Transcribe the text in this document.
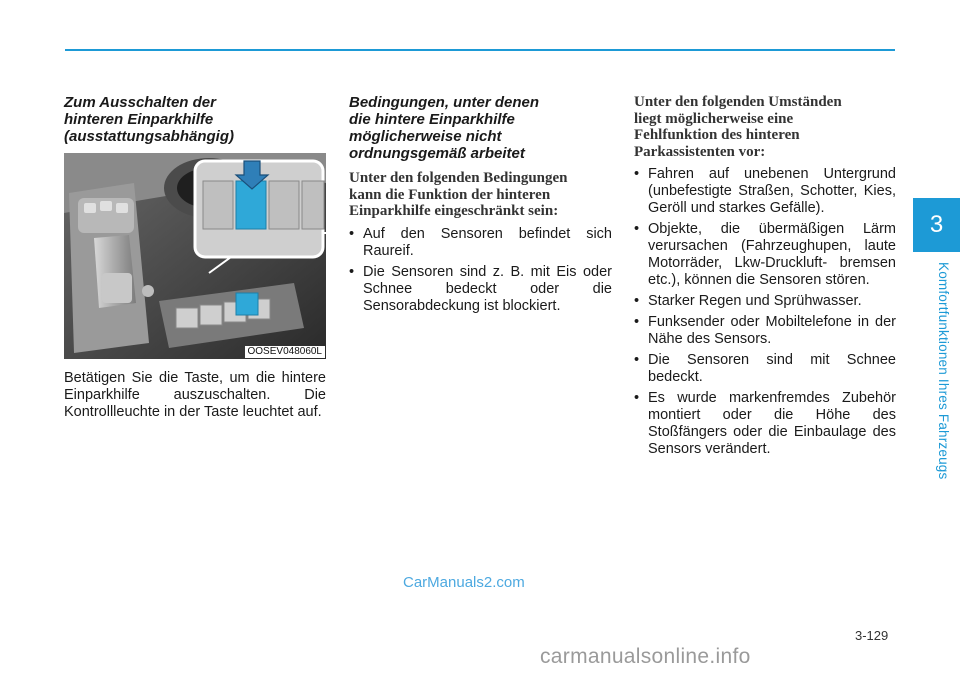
3
Komfortfunktionen Ihres Fahrzeugs
Zum Ausschalten der
hinteren Einparkhilfe
(ausstattungsabhängig)
OOSEV048060L

Betätigen Sie die Taste, um die hintere Einparkhilfe auszuschalten. Die Kontrollleuchte in der Taste leuchtet auf.

Bedingungen, unter denen
die hintere Einparkhilfe
möglicherweise nicht
ordnungsgemäß arbeitet
Unter den folgenden Bedingungen
kann die Funktion der hinteren
Einparkhilfe eingeschränkt sein:
• Auf den Sensoren befindet sich Raureif.
• Die Sensoren sind z. B. mit Eis oder Schnee bedeckt oder die Sensorabdeckung ist blockiert.
Unter den folgenden Umständen
liegt möglicherweise eine
Fehlfunktion des hinteren
Parkassistenten vor:
• Fahren auf unebenen Untergrund (unbefestigte Straßen, Schotter, Kies, Geröll und starkes Gefälle).
• Objekte, die übermäßigen Lärm verursachen (Fahrzeughupen, laute Motorräder, Lkw-Druckluft- bremsen etc.), können die Sensoren stören.
• Starker Regen und Sprühwasser.
• Funksender oder Mobiltelefone in der Nähe des Sensors.
• Die Sensoren sind mit Schnee bedeckt.
• Es wurde markenfremdes Zubehör montiert oder die Höhe des Stoßfängers oder die Einbaulage des Sensors verändert.
CarManuals2.com
3-129
carmanualsonline.info
